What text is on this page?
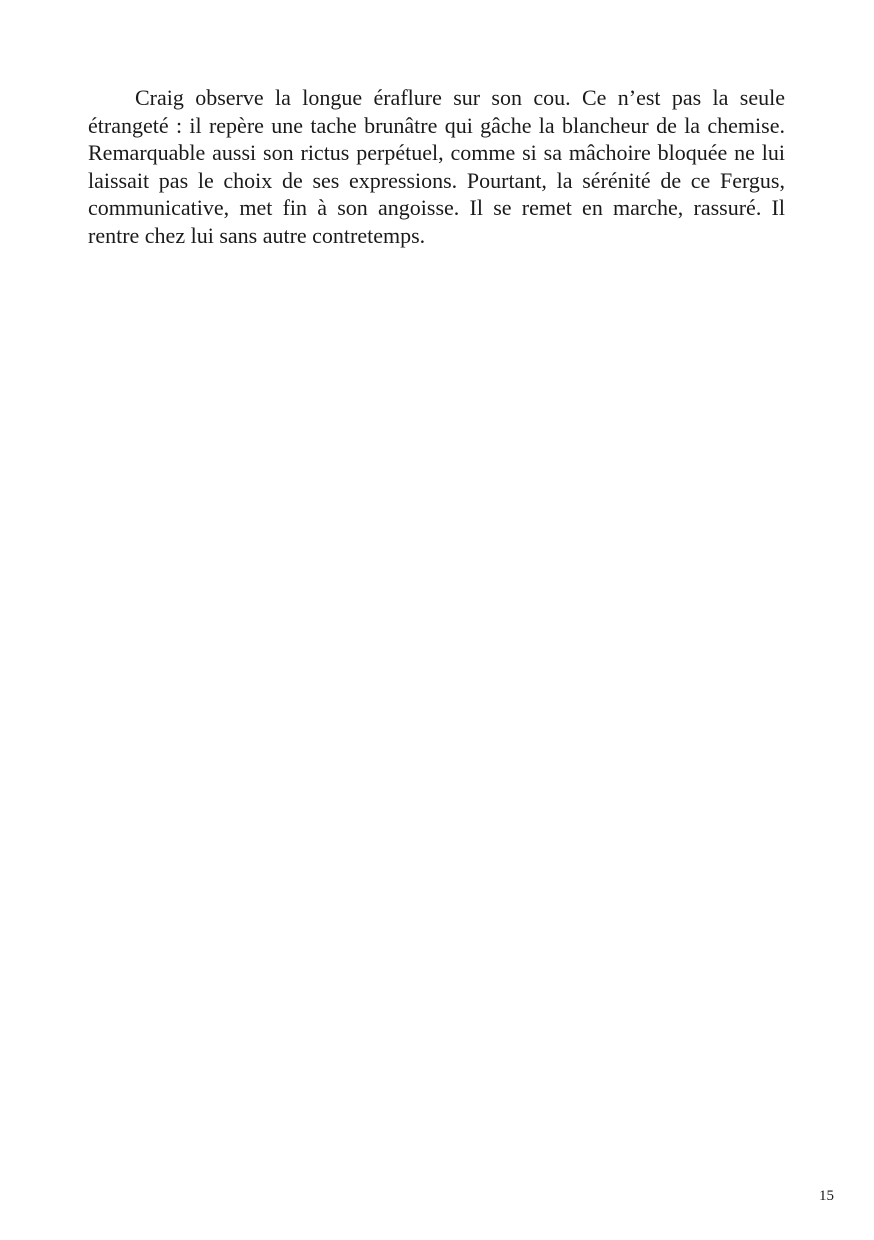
Craig observe la longue éraflure sur son cou. Ce n’est pas la seule étrangeté : il repère une tache brunâtre qui gâche la blancheur de la chemise. Remarquable aussi son rictus perpétuel, comme si sa mâchoire bloquée ne lui laissait pas le choix de ses expressions. Pourtant, la sérénité de ce Fergus, communicative, met fin à son angoisse. Il se remet en marche, rassuré. Il rentre chez lui sans autre contretemps.

15
